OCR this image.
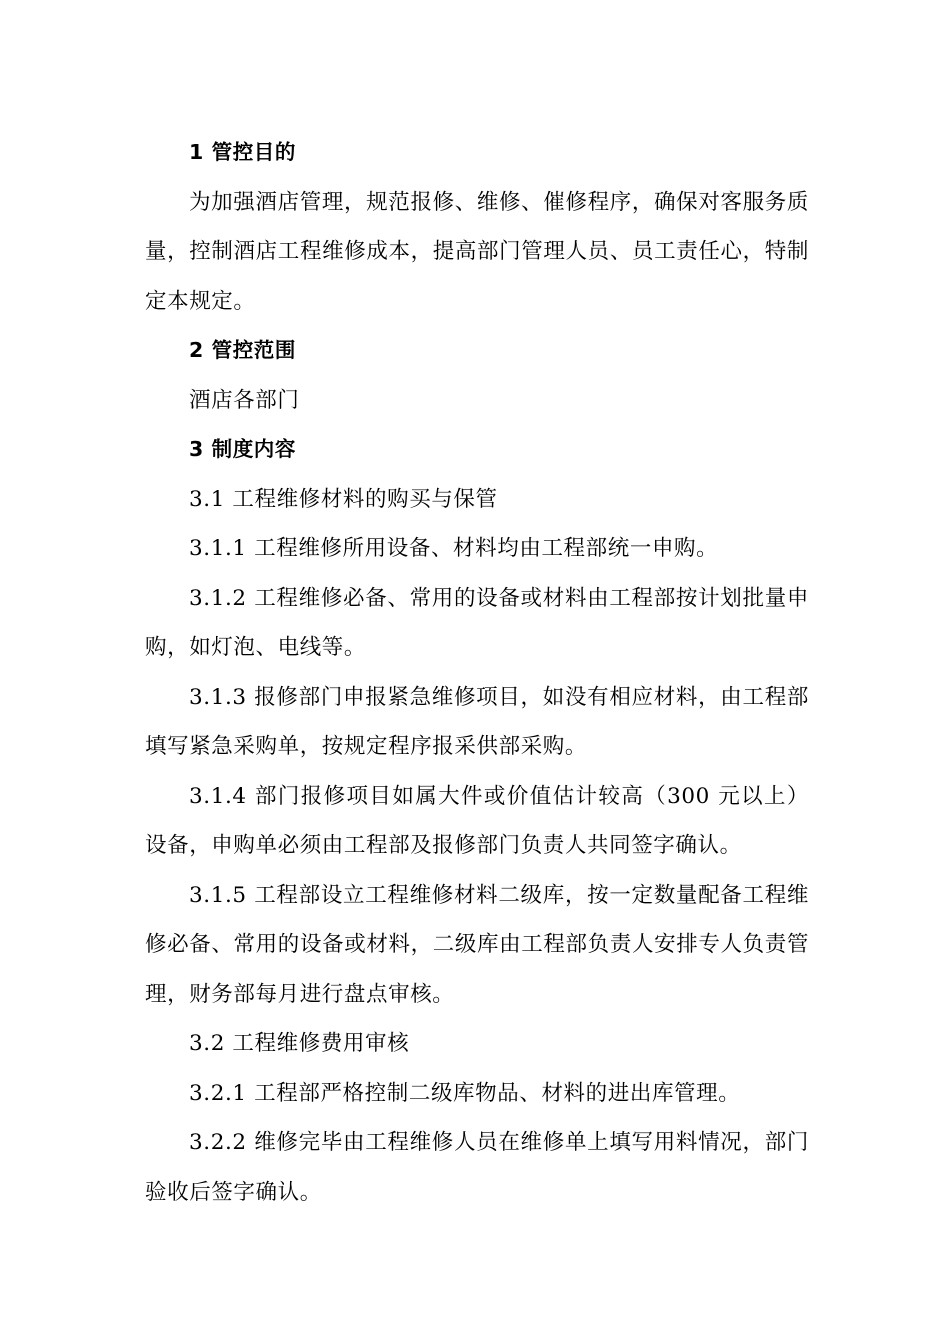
1 管控目的

为加强酒店管理，规范报修、维修、催修程序，确保对客服务质量，控制酒店工程维修成本，提高部门管理人员、员工责任心，特制定本规定。

2 管控范围

酒店各部门

3 制度内容

3.1 工程维修材料的购买与保管

3.1.1 工程维修所用设备、材料均由工程部统一申购。

3.1.2 工程维修必备、常用的设备或材料由工程部按计划批量申购，如灯泡、电线等。

3.1.3 报修部门申报紧急维修项目，如没有相应材料，由工程部填写紧急采购单，按规定程序报采供部采购。

3.1.4 部门报修项目如属大件或价值估计较高（300 元以上）设备，申购单必须由工程部及报修部门负责人共同签字确认。

3.1.5 工程部设立工程维修材料二级库，按一定数量配备工程维修必备、常用的设备或材料，二级库由工程部负责人安排专人负责管理，财务部每月进行盘点审核。

3.2 工程维修费用审核

3.2.1 工程部严格控制二级库物品、材料的进出库管理。

3.2.2 维修完毕由工程维修人员在维修单上填写用料情况，部门验收后签字确认。
